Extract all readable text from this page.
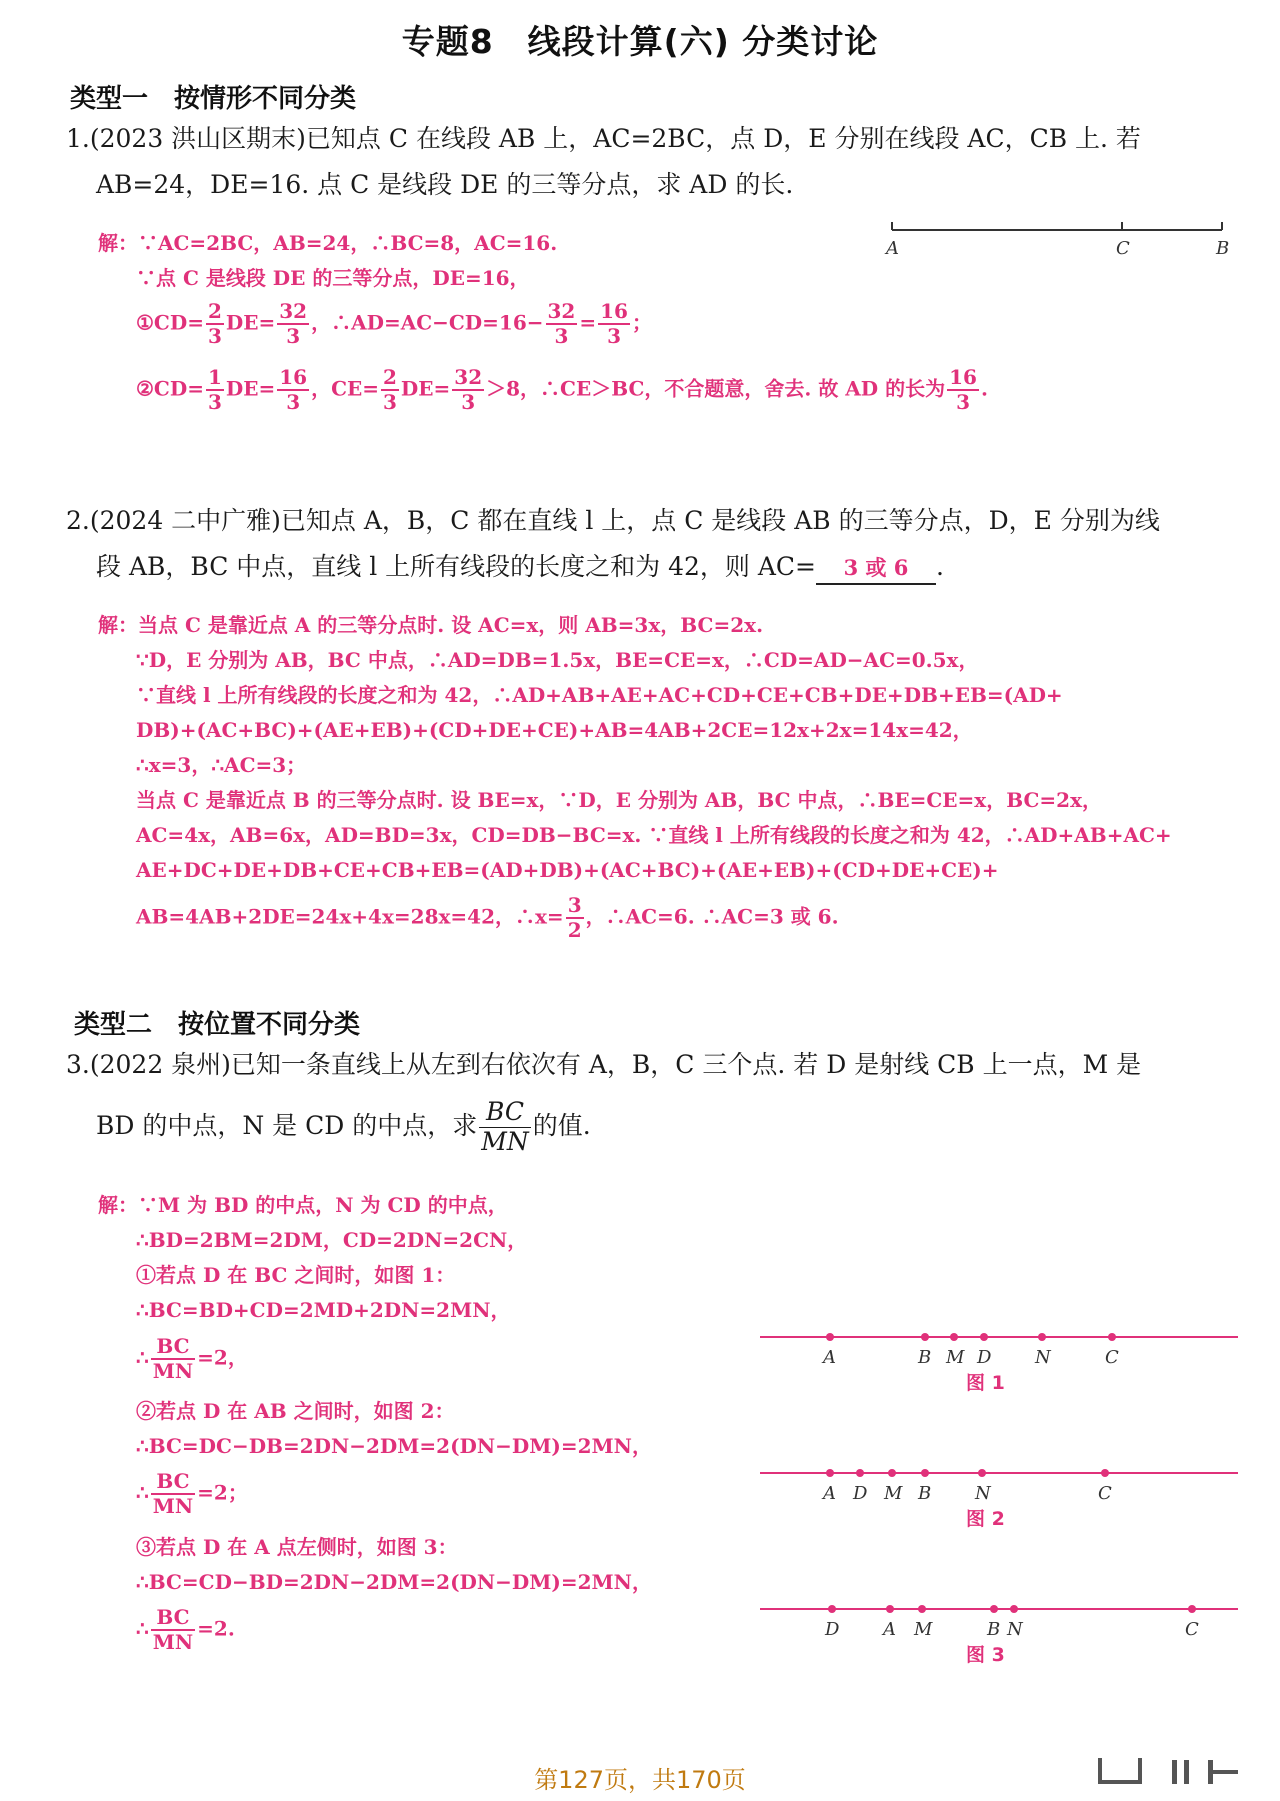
专题8　线段计算(六) 分类讨论
类型一　按情形不同分类
1.(2023 洪山区期末)已知点 C 在线段 AB 上，AC=2BC，点 D，E 分别在线段 AC，CB 上. 若
AB=24，DE=16. 点 C 是线段 DE 的三等分点，求 AD 的长.
A	C	B
解：∵AC=2BC，AB=24，∴BC=8，AC=16.
∵点 C 是线段 DE 的三等分点，DE=16，
①CD= $\frac{2}{3} DE= \frac{32}{3}$ ，∴AD=AC−CD=16− $\frac{32}{3} = \frac{16}{3}$ ；
②CD= $\frac{1}{3} DE= \frac{16}{3}$ ，$CE= \frac{2}{3} DE= \frac{32}{3} >8$，∴CE＞BC，不合题意，舍去. 故 AD 的长为 $\frac{16}{3}$ .
2.(2024 二中广雅)已知点 A，B，C 都在直线 l 上，点 C 是线段 AB 的三等分点，D，E 分别为线
段 AB，BC 中点，直线 l 上所有线段的长度之和为 42，则 AC= 3 或 6 .
解：当点 C 是靠近点 A 的三等分点时. 设 AC=x，则 AB=3x，BC=2x.
∵D，E 分别为 AB，BC 中点，∴AD=DB=1.5x，BE=CE=x，∴CD=AD−AC=0.5x，
∵直线 l 上所有线段的长度之和为 42，∴AD+AB+AE+AC+CD+CE+CB+DE+DB+EB=(AD+
DB)+(AC+BC)+(AE+EB)+(CD+DE+CE)+AB=4AB+2CE=12x+2x=14x=42，
∴x=3，∴AC=3；
当点 C 是靠近点 B 的三等分点时. 设 BE=x，∵D，E 分别为 AB，BC 中点，∴BE=CE=x，BC=2x，
AC=4x，AB=6x，AD=BD=3x，CD=DB−BC=x. ∵直线 l 上所有线段的长度之和为 42，∴AD+AB+AC+
AE+DC+DE+DB+CE+CB+EB=(AD+DB)+(AC+BC)+(AE+EB)+(CD+DE+CE)+
AB=4AB+2DE=24x+4x=28x=42，∴x= $\frac{3}{2}$ ，∴AC=6. ∴AC=3 或 6.
类型二　按位置不同分类
3.(2022 泉州)已知一条直线上从左到右依次有 A，B，C 三个点. 若 D 是射线 CB 上一点，M 是
BD 的中点，N 是 CD 的中点，求 $\frac{BC}{MN}$ 的值.
解：∵M 为 BD 的中点，N 为 CD 的中点，
∴BD=2BM=2DM，CD=2DN=2CN，
①若点 D 在 BC 之间时，如图 1：
∴BC=BD+CD=2MD+2DN=2MN，
∴ $\frac{BC}{MN} =2$，
②若点 D 在 AB 之间时，如图 2：
∴BC=DC−DB=2DN−2DM=2(DN−DM)=2MN，
∴ $\frac{BC}{MN} =2$；
③若点 D 在 A 点左侧时，如图 3：
∴BC=CD−BD=2DN−2DM=2(DN−DM)=2MN，
∴ $\frac{BC}{MN} =2$.
A	B M D N	C
图 1
A D M B N	C
图 2
D A M	B N	C
图 3
第127页，共170页
